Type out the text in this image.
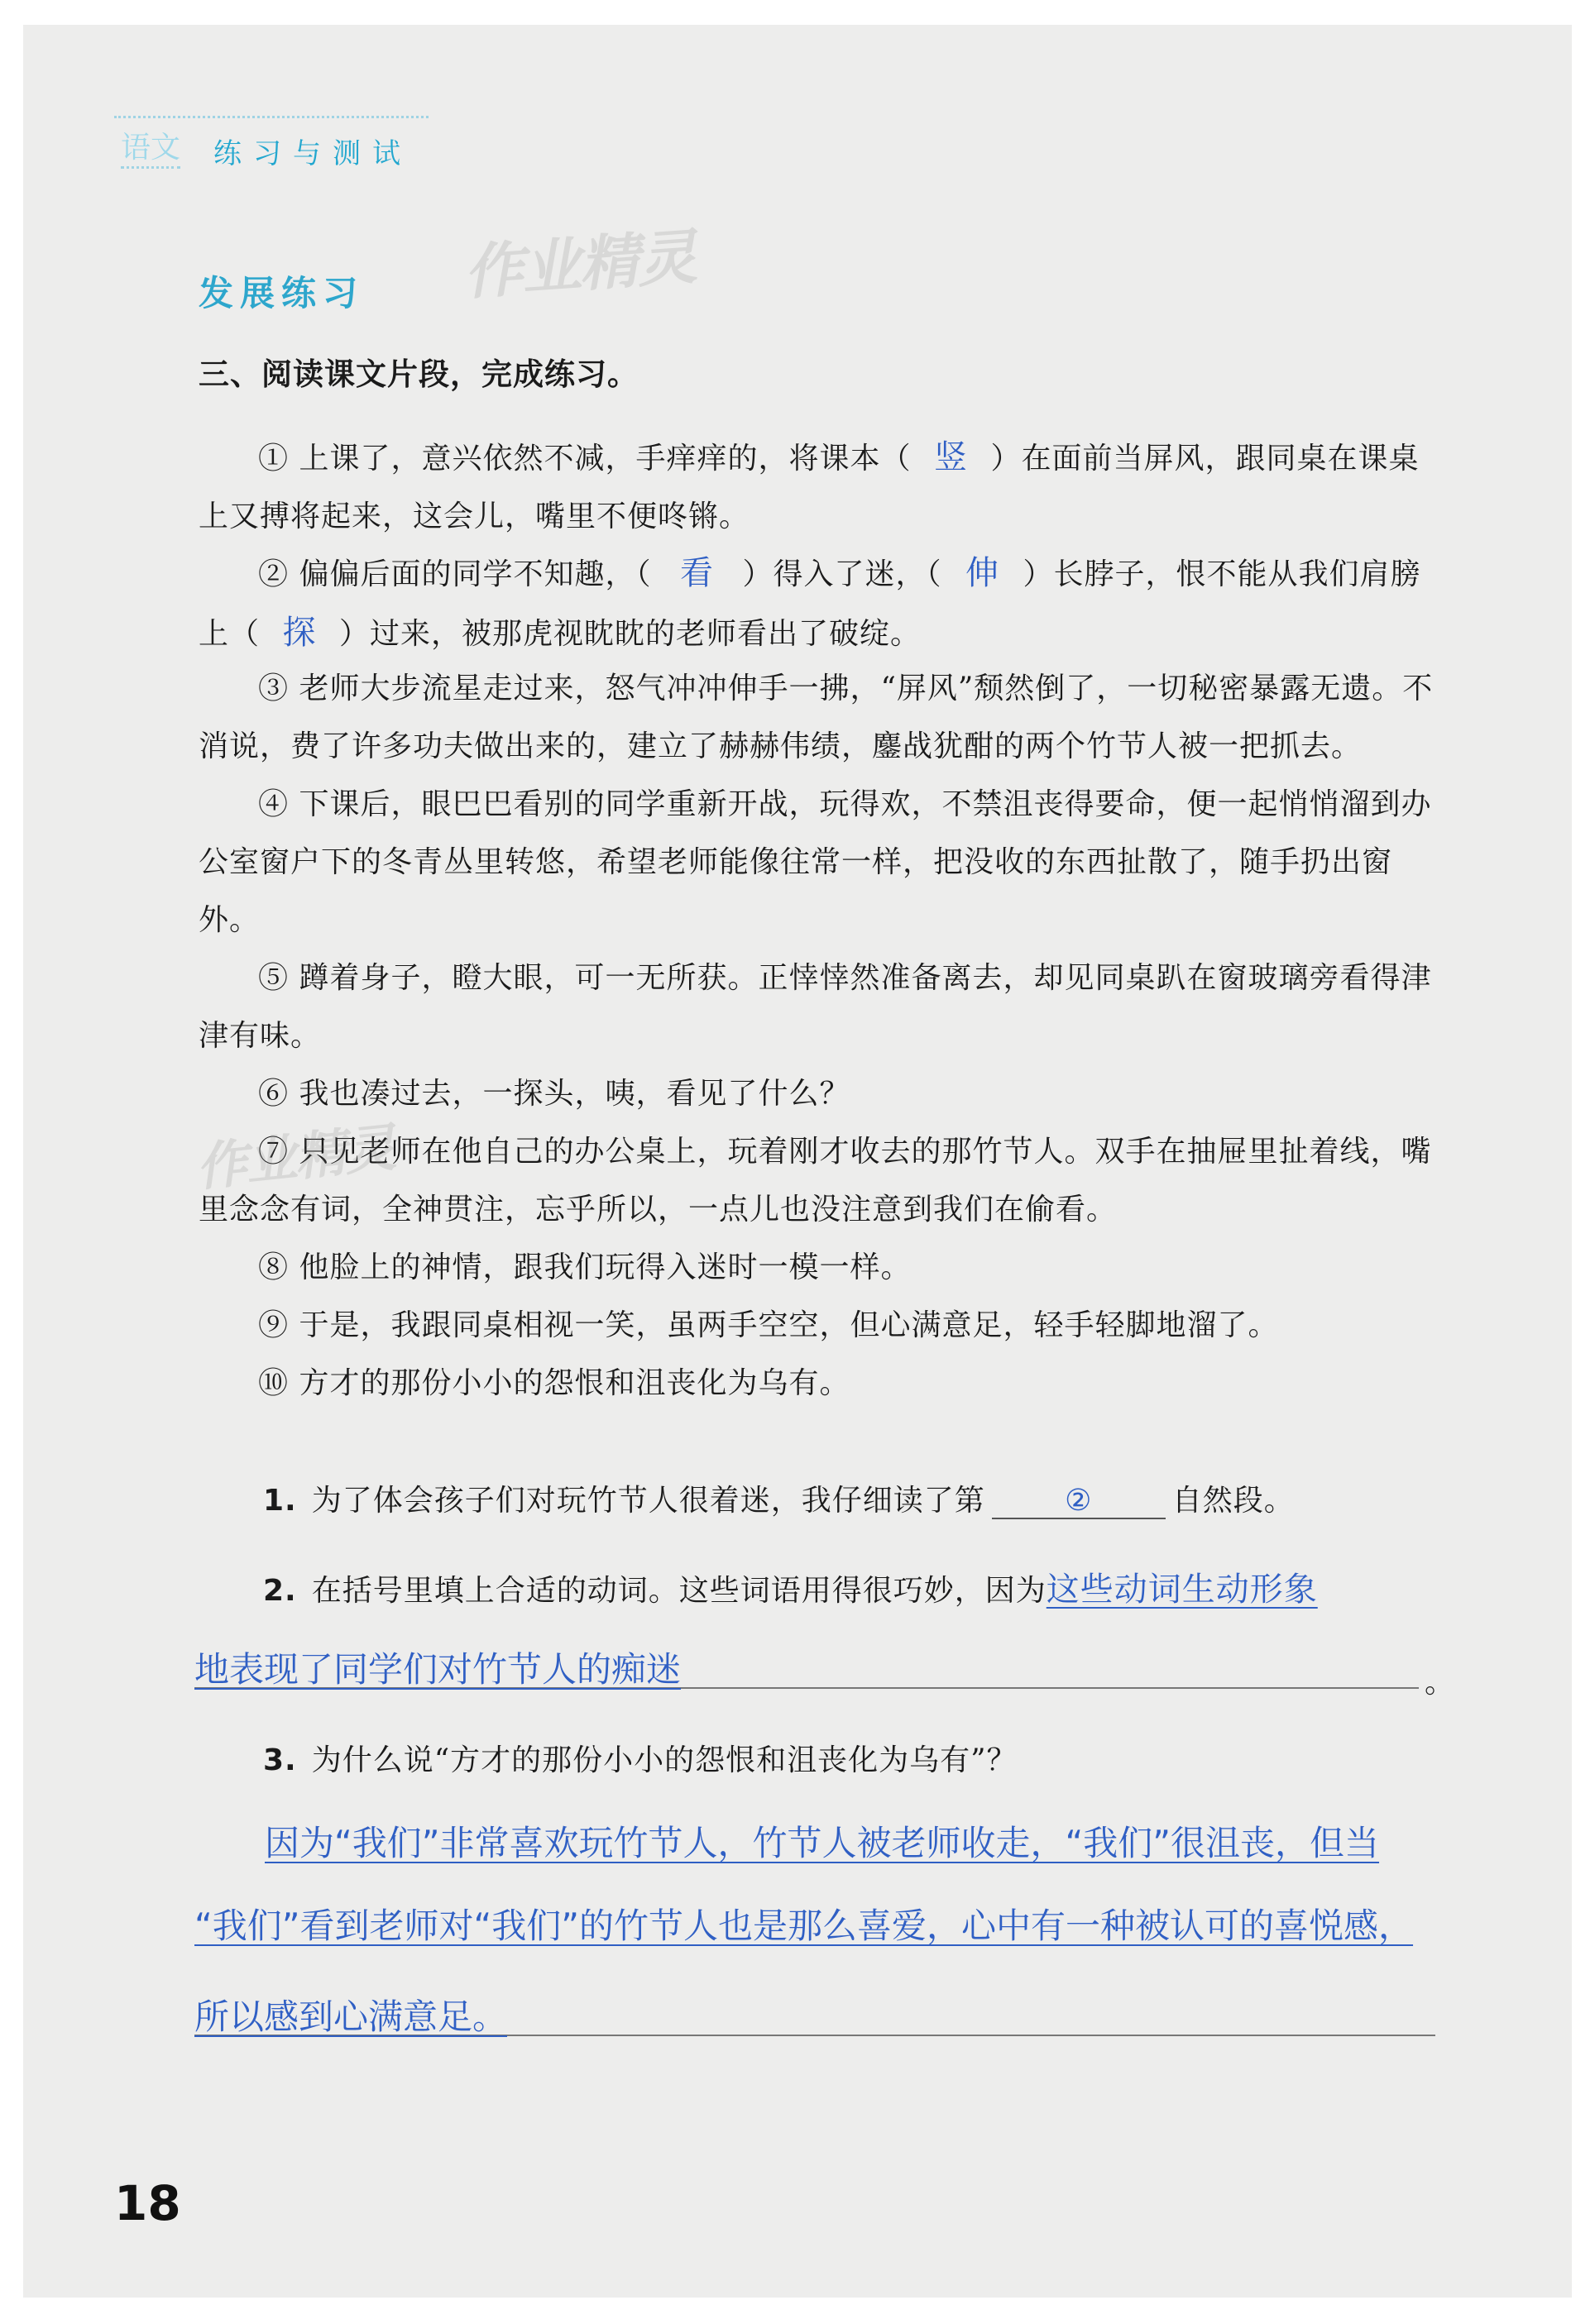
语文 练习与测试
作业精灵
发展练习
三、阅读课文片段，完成练习。
① 上课了，意兴依然不减，手痒痒的，将课本（ 竖 ）在面前当屏风，跟同桌在课桌上又搏将起来，这会儿，嘴里不便咚锵。
② 偏偏后面的同学不知趣，（ 看 ）得入了迷，（ 伸 ）长脖子，恨不能从我们肩膀上（ 探 ）过来，被那虎视眈眈的老师看出了破绽。
③ 老师大步流星走过来，怒气冲冲伸手一拂，“屏风”颓然倒了，一切秘密暴露无遗。不消说，费了许多功夫做出来的，建立了赫赫伟绩，鏖战犹酣的两个竹节人被一把抓去。
④ 下课后，眼巴巴看别的同学重新开战，玩得欢，不禁沮丧得要命，便一起悄悄溜到办公室窗户下的冬青丛里转悠，希望老师能像往常一样，把没收的东西扯散了，随手扔出窗外。
⑤ 蹲着身子，瞪大眼，可一无所获。正悻悻然准备离去，却见同桌趴在窗玻璃旁看得津津有味。
⑥ 我也凑过去，一探头，咦，看见了什么？
⑦ 只见老师在他自己的办公桌上，玩着刚才收去的那竹节人。双手在抽屉里扯着线，嘴里念念有词，全神贯注，忘乎所以，一点儿也没注意到我们在偷看。
⑧ 他脸上的神情，跟我们玩得入迷时一模一样。
⑨ 于是，我跟同桌相视一笑，虽两手空空，但心满意足，轻手轻脚地溜了。
⑩ 方才的那份小小的怨恨和沮丧化为乌有。
作业精灵
1. 为了体会孩子们对玩竹节人很着迷，我仔细读了第	②	自然段。
2. 在括号里填上合适的动词。这些词语用得很巧妙，因为这些动词生动形象
地表现了同学们对竹节人的痴迷	。
3. 为什么说“方才的那份小小的怨恨和沮丧化为乌有”？
因为“我们”非常喜欢玩竹节人，竹节人被老师收走，“我们”很沮丧，但当
“我们”看到老师对“我们”的竹节人也是那么喜爱，心中有一种被认可的喜悦感，
所以感到心满意足。
18
